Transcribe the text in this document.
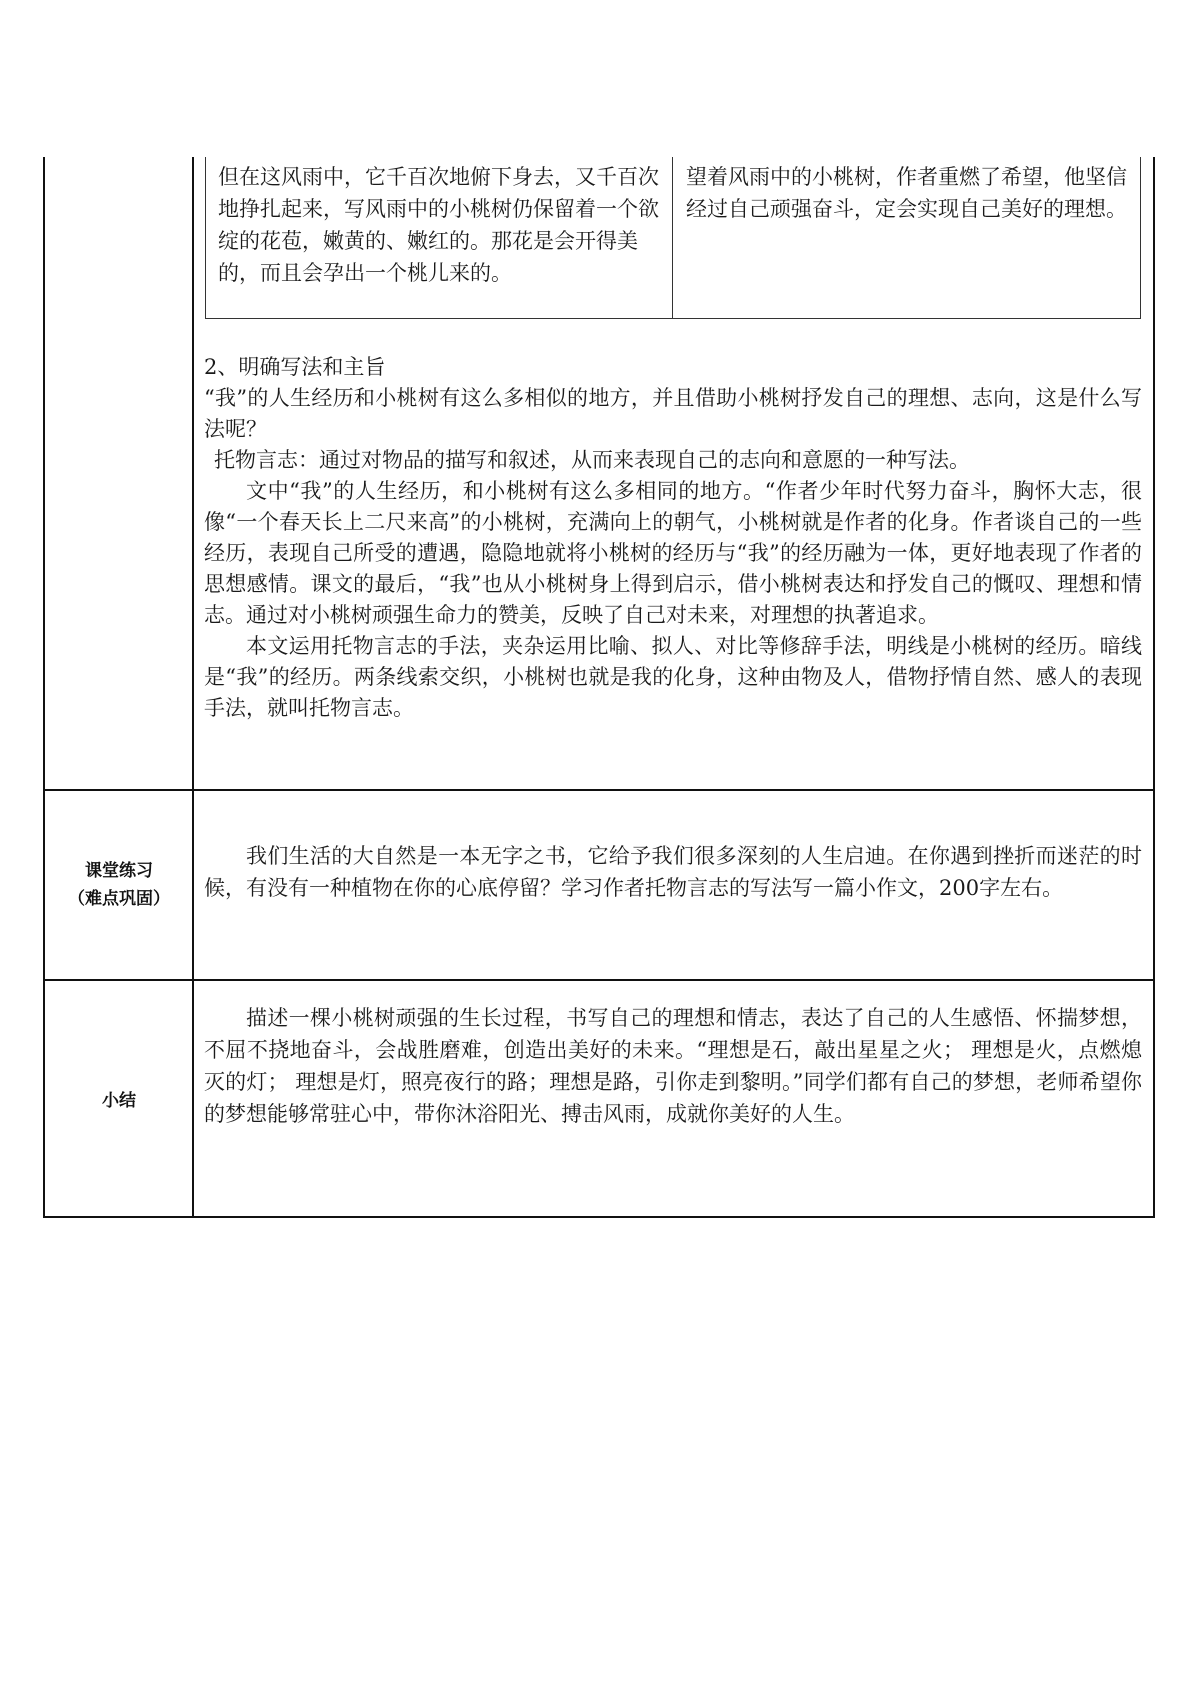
但在这风雨中，它千百次地俯下身去，又千百次地挣扎起来，写风雨中的小桃树仍保留着一个欲绽的花苞，嫩黄的、嫩红的。那花是会开得美的，而且会孕出一个桃儿来的。
望着风雨中的小桃树，作者重燃了希望，他坚信经过自己顽强奋斗，定会实现自己美好的理想。

2、明确写法和主旨

“我”的人生经历和小桃树有这么多相似的地方，并且借助小桃树抒发自己的理想、志向，这是什么写法呢？

托物言志：通过对物品的描写和叙述，从而来表现自己的志向和意愿的一种写法。

文中“我”的人生经历，和小桃树有这么多相同的地方。“作者少年时代努力奋斗，胸怀大志，很像“一个春天长上二尺来高”的小桃树，充满向上的朝气，小桃树就是作者的化身。作者谈自己的一些经历，表现自己所受的遭遇，隐隐地就将小桃树的经历与“我”的经历融为一体，更好地表现了作者的思想感情。课文的最后，“我”也从小桃树身上得到启示，借小桃树表达和抒发自己的慨叹、理想和情志。通过对小桃树顽强生命力的赞美，反映了自己对未来，对理想的执著追求。

本文运用托物言志的手法，夹杂运用比喻、拟人、对比等修辞手法，明线是小桃树的经历。暗线是“我”的经历。两条线索交织，小桃树也就是我的化身，这种由物及人，借物抒情自然、感人的表现手法，就叫托物言志。

课堂练习
（难点巩固）

我们生活的大自然是一本无字之书，它给予我们很多深刻的人生启迪。在你遇到挫折而迷茫的时候，有没有一种植物在你的心底停留？学习作者托物言志的写法写一篇小作文，200字左右。

小结

描述一棵小桃树顽强的生长过程，书写自己的理想和情志，表达了自己的人生感悟、怀揣梦想，不屈不挠地奋斗，会战胜磨难，创造出美好的未来。“理想是石，敲出星星之火； 理想是火，点燃熄灭的灯； 理想是灯，照亮夜行的路；理想是路，引你走到黎明。”同学们都有自己的梦想，老师希望你的梦想能够常驻心中，带你沐浴阳光、搏击风雨，成就你美好的人生。
